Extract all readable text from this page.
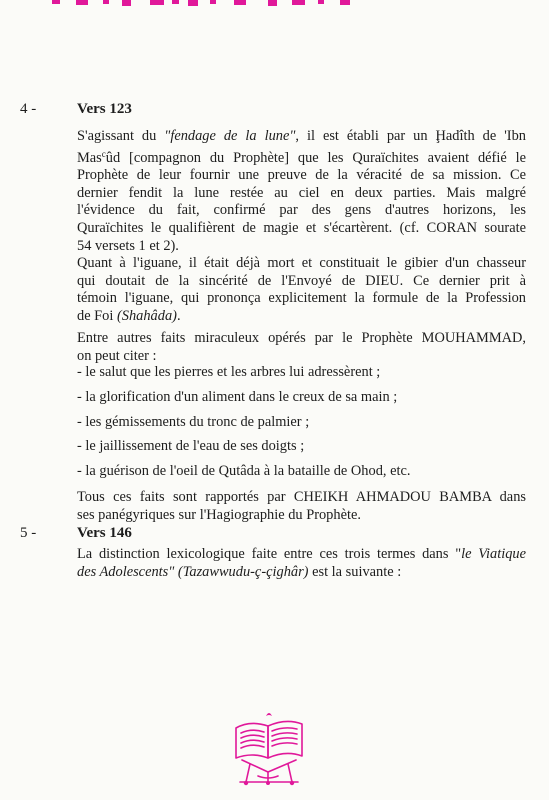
4 -	Vers 123

S'agissant du "fendage de la lune", il est établi par un Ḩadîth de 'Ibn
Mas$^c$ûd [compagnon du Prophète] que les Quraïchites avaient défié le
Prophète de leur fournir une preuve de la véracité de sa mission. Ce
dernier fendit la lune restée au ciel en deux parties. Mais malgré
l'évidence du fait, confirmé par des gens d'autres horizons, les
Quraïchites le qualifièrent de magie et s'écartèrent. (cf. CORAN sourate
54 versets 1 et 2).

Quant à l'iguane, il était déjà mort et constituait le gibier d'un chasseur
qui doutait de la sincérité de l'Envoyé de DIEU. Ce dernier prit à
témoin l'iguane, qui prononça explicitement la formule de la Profession
de Foi (Shahâda).

Entre autres faits miraculeux opérés par le Prophète MOUHAMMAD,
on peut citer :

- le salut que les pierres et les arbres lui adressèrent ;

- la glorification d'un aliment dans le creux de sa main ;

- les gémissements du tronc de palmier ;

- le jaillissement de l'eau de ses doigts ;

- la guérison de l'oeil de Qutâda à la bataille de Ohod, etc.

Tous ces faits sont rapportés par CHEIKH AHMADOU BAMBA dans
ses panégyriques sur l'Hagiographie du Prophète.

5 -	Vers 146

La distinction lexicologique faite entre ces trois termes dans "le Viatique
des Adolescents" (Tazawwudu-ç-çighâr) est la suivante :
